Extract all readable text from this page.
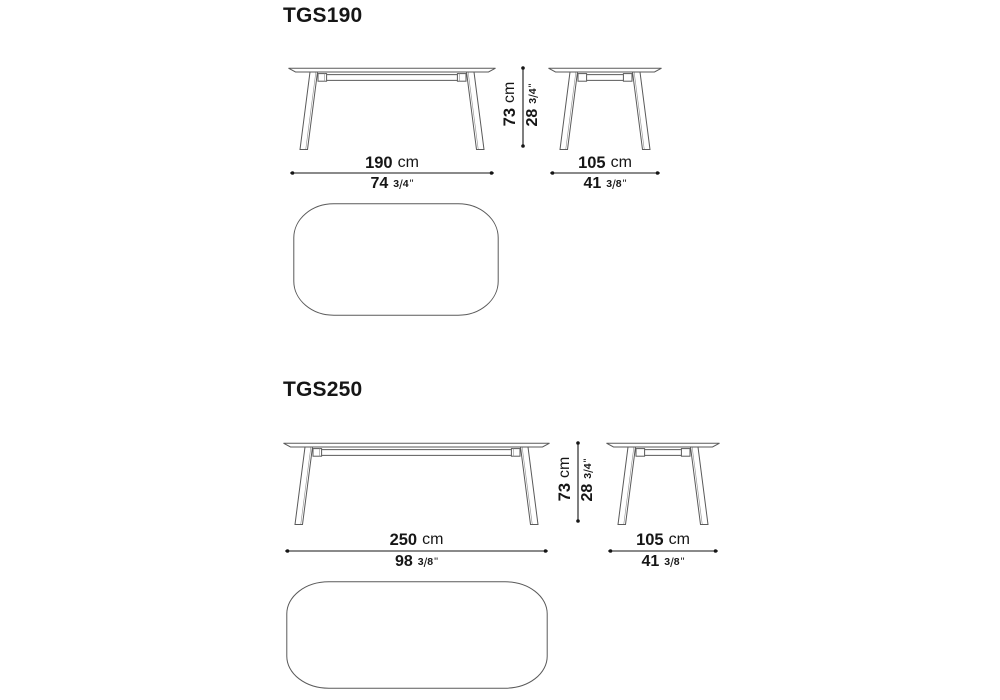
TGS190
73
cm
28
3
/
4
"
190 cm
74 3 / 4 "
105 cm
41 3 / 8 "
TGS250
73
cm
28
3
/
4
"
250 cm
98 3 / 8 "
105 cm
41 3 / 8 "
